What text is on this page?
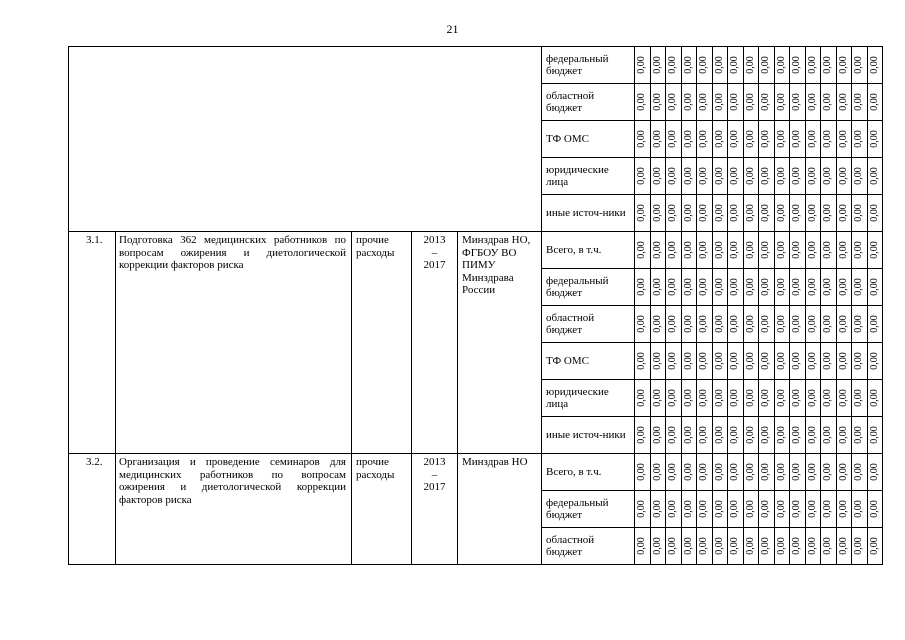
21
					федеральный бюджет	0,00	0,00	0,00	0,00	0,00	0,00	0,00	0,00	0,00	0,00	0,00	0,00	0,00	0,00	0,00	0,00

					областной бюджет	0,00	0,00	0,00	0,00	0,00	0,00	0,00	0,00	0,00	0,00	0,00	0,00	0,00	0,00	0,00	0,00

					ТФ ОМС	0,00	0,00	0,00	0,00	0,00	0,00	0,00	0,00	0,00	0,00	0,00	0,00	0,00	0,00	0,00	0,00

					юридические лица	0,00	0,00	0,00	0,00	0,00	0,00	0,00	0,00	0,00	0,00	0,00	0,00	0,00	0,00	0,00	0,00

					иные источ-ники	0,00	0,00	0,00	0,00	0,00	0,00	0,00	0,00	0,00	0,00	0,00	0,00	0,00	0,00	0,00	0,00

3.1.	Подготовка 362 медицинских работников по вопросам ожирения и диетологической коррекции факторов риска	прочие расходы	2013
–
2017	Минздрав НО, ФГБОУ ВО ПИМУ Минздрава России	Всего, в т.ч.	0,00	0,00	0,00	0,00	0,00	0,00	0,00	0,00	0,00	0,00	0,00	0,00	0,00	0,00	0,00	0,00

					федеральный бюджет	0,00	0,00	0,00	0,00	0,00	0,00	0,00	0,00	0,00	0,00	0,00	0,00	0,00	0,00	0,00	0,00

					областной бюджет	0,00	0,00	0,00	0,00	0,00	0,00	0,00	0,00	0,00	0,00	0,00	0,00	0,00	0,00	0,00	0,00

					ТФ ОМС	0,00	0,00	0,00	0,00	0,00	0,00	0,00	0,00	0,00	0,00	0,00	0,00	0,00	0,00	0,00	0,00

					юридические лица	0,00	0,00	0,00	0,00	0,00	0,00	0,00	0,00	0,00	0,00	0,00	0,00	0,00	0,00	0,00	0,00

					иные источ-ники	0,00	0,00	0,00	0,00	0,00	0,00	0,00	0,00	0,00	0,00	0,00	0,00	0,00	0,00	0,00	0,00

3.2.	Организация и проведение семинаров для медицинских работников по вопросам ожирения и диетологической коррекции факторов риска	прочие расходы	2013
–
2017	Минздрав НО	Всего, в т.ч.	0,00	0,00	0,00	0,00	0,00	0,00	0,00	0,00	0,00	0,00	0,00	0,00	0,00	0,00	0,00	0,00

					федеральный бюджет	0,00	0,00	0,00	0,00	0,00	0,00	0,00	0,00	0,00	0,00	0,00	0,00	0,00	0,00	0,00	0,00

					областной бюджет	0,00	0,00	0,00	0,00	0,00	0,00	0,00	0,00	0,00	0,00	0,00	0,00	0,00	0,00	0,00	0,00
